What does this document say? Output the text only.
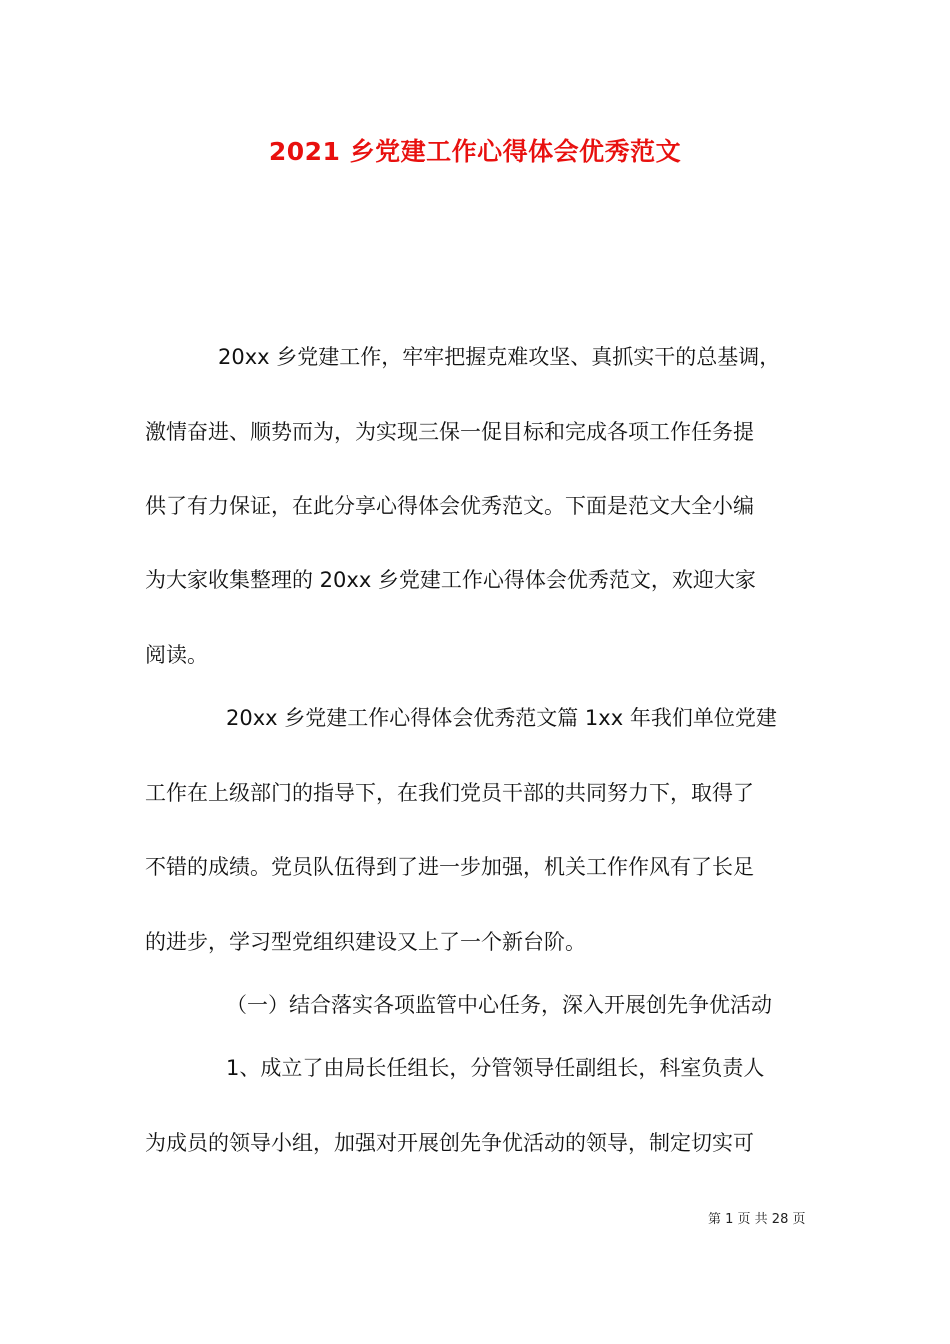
2021 乡党建工作心得体会优秀范文
20xx 乡党建工作，牢牢把握克难攻坚、真抓实干的总基调，
激情奋进、顺势而为，为实现三保一促目标和完成各项工作任务提
供了有力保证，在此分享心得体会优秀范文。下面是范文大全小编
为大家收集整理的 20xx 乡党建工作心得体会优秀范文，欢迎大家
阅读。
20xx 乡党建工作心得体会优秀范文篇 1xx 年我们单位党建
工作在上级部门的指导下，在我们党员干部的共同努力下，取得了
不错的成绩。党员队伍得到了进一步加强，机关工作作风有了长足
的进步，学习型党组织建设又上了一个新台阶。
（一）结合落实各项监管中心任务，深入开展创先争优活动
1、成立了由局长任组长，分管领导任副组长，科室负责人
为成员的领导小组，加强对开展创先争优活动的领导，制定切实可
第 1 页 共 28 页
